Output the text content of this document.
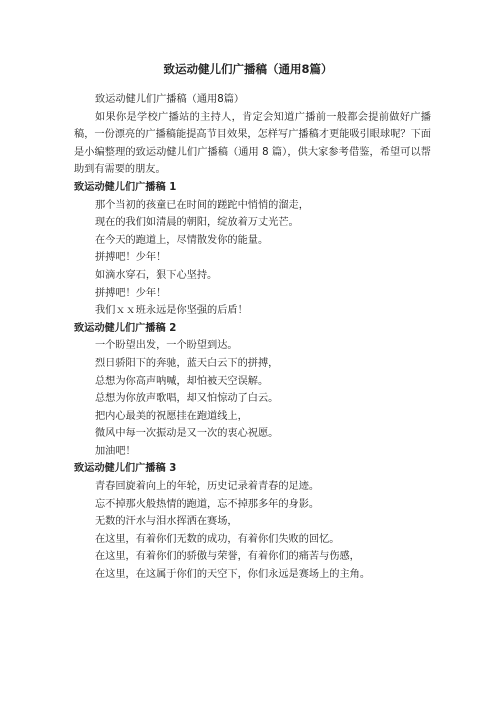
致运动健儿们广播稿（通用8篇）

致运动健儿们广播稿（通用8篇）

如果你是学校广播站的主持人，肯定会知道广播前一般都会提前做好广播稿，一份漂亮的广播稿能提高节目效果，怎样写广播稿才更能吸引眼球呢？下面是小编整理的致运动健儿们广播稿（通用 8 篇），供大家参考借鉴，希望可以帮助到有需要的朋友。

致运动健儿们广播稿 1

那个当初的孩童已在时间的蹉跎中悄悄的溜走，

现在的我们如清晨的朝阳，绽放着万丈光芒。

在今天的跑道上，尽情散发你的能量。

拼搏吧！少年！

如滴水穿石，狠下心坚持。

拼搏吧！少年！

我们ｘｘ班永远是你坚强的后盾！

致运动健儿们广播稿 2

一个盼望出发，一个盼望到达。

烈日骄阳下的奔驰，蓝天白云下的拼搏，

总想为你高声呐喊，却怕被天空误解。

总想为你放声歌唱，却又怕惊动了白云。

把内心最美的祝愿挂在跑道线上，

微风中每一次振动是又一次的衷心祝愿。

加油吧！

致运动健儿们广播稿 3

青春回旋着向上的年轮，历史记录着青春的足迹。

忘不掉那火般热情的跑道，忘不掉那多年的身影。

无数的汗水与泪水挥洒在赛场，

在这里，有着你们无数的成功，有着你们失败的回忆。

在这里，有着你们的骄傲与荣誉，有着你们的痛苦与伤感，

在这里，在这属于你们的天空下，你们永远是赛场上的主角。
